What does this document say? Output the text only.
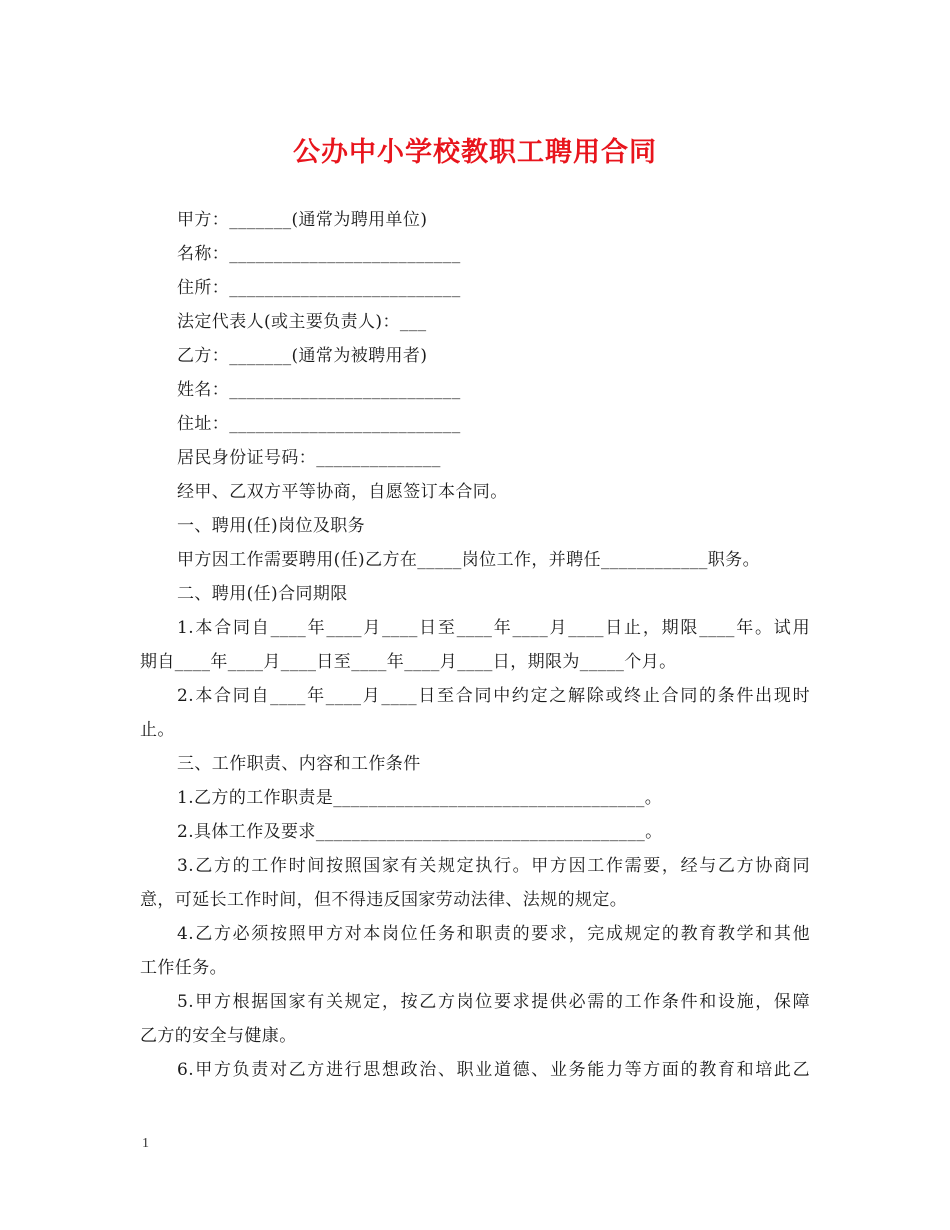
公办中小学校教职工聘用合同
甲方：_______(通常为聘用单位)
名称：__________________________
住所：__________________________
法定代表人(或主要负责人)：___
乙方：_______(通常为被聘用者)
姓名：__________________________
住址：__________________________
居民身份证号码：______________
经甲、乙双方平等协商，自愿签订本合同。
一、聘用(任)岗位及职务
甲方因工作需要聘用(任)乙方在_____岗位工作，并聘任____________职务。
二、聘用(任)合同期限
1.本合同自____年____月____日至____年____月____日止，期限____年。试用
期自____年____月____日至____年____月____日，期限为_____个月。
2.本合同自____年____月____日至合同中约定之解除或终止合同的条件出现时
止。
三、工作职责、内容和工作条件
1.乙方的工作职责是___________________________________。
2.具体工作及要求_____________________________________。
3.乙方的工作时间按照国家有关规定执行。甲方因工作需要，经与乙方协商同
意，可延长工作时间，但不得违反国家劳动法律、法规的规定。
4.乙方必须按照甲方对本岗位任务和职责的要求，完成规定的教育教学和其他
工作任务。
5.甲方根据国家有关规定，按乙方岗位要求提供必需的工作条件和设施，保障
乙方的安全与健康。
6.甲方负责对乙方进行思想政治、职业道德、业务能力等方面的教育和培此乙
1
